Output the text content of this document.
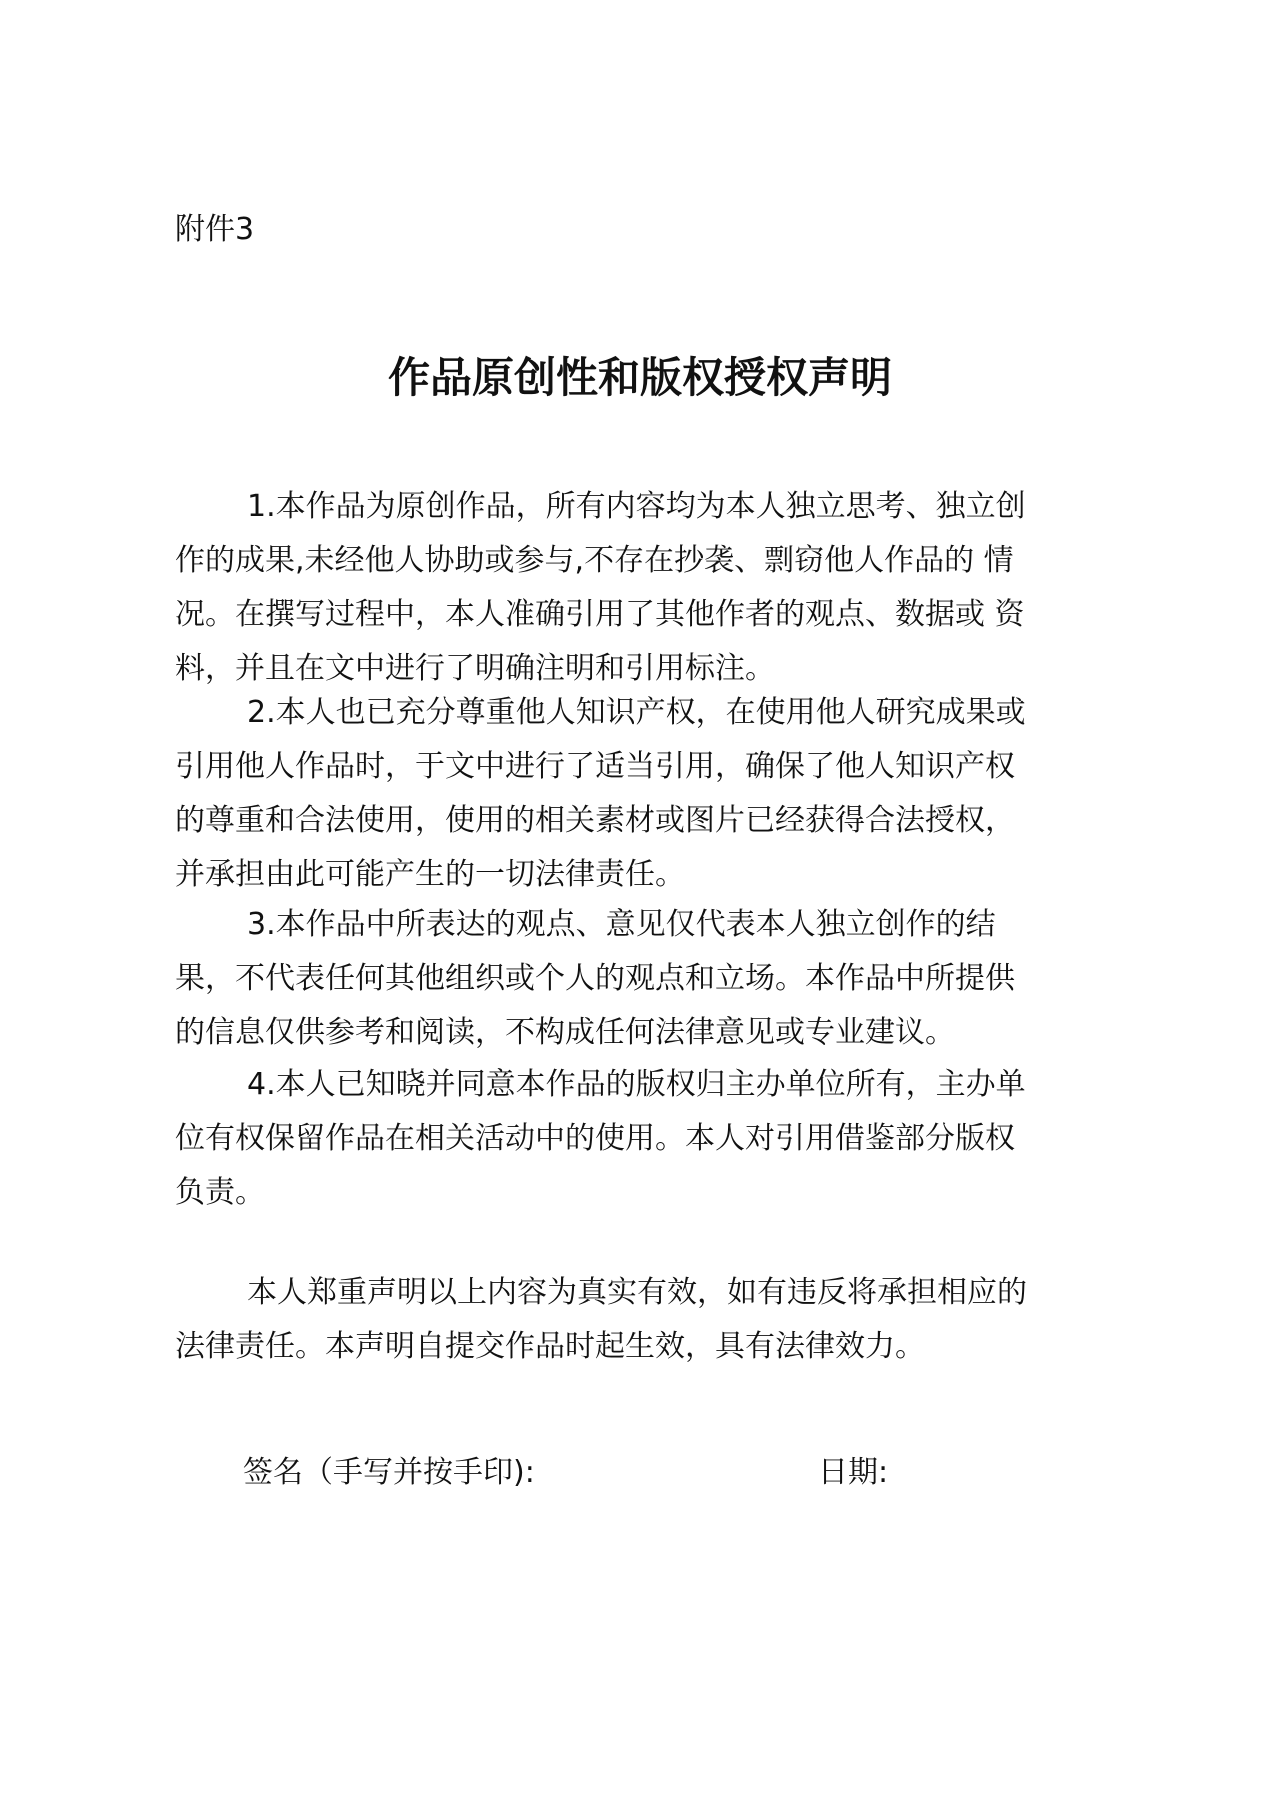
附件3
作品原创性和版权授权声明
1.本作品为原创作品，所有内容均为本人独立思考、独立创
作的成果,未经他人协助或参与,不存在抄袭、剽窃他人作品的 情
况。在撰写过程中，本人准确引用了其他作者的观点、数据或 资
料，并且在文中进行了明确注明和引用标注。
2.本人也已充分尊重他人知识产权，在使用他人研究成果或
引用他人作品时，于文中进行了适当引用，确保了他人知识产权
的尊重和合法使用，使用的相关素材或图片已经获得合法授权，
并承担由此可能产生的一切法律责任。
3.本作品中所表达的观点、意见仅代表本人独立创作的结
果，不代表任何其他组织或个人的观点和立场。本作品中所提供
的信息仅供参考和阅读，不构成任何法律意见或专业建议。
4.本人已知晓并同意本作品的版权归主办单位所有，主办单
位有权保留作品在相关活动中的使用。本人对引用借鉴部分版权
负责。
本人郑重声明以上内容为真实有效，如有违反将承担相应的
法律责任。本声明自提交作品时起生效，具有法律效力。
签名（手写并按手印):	日期:
